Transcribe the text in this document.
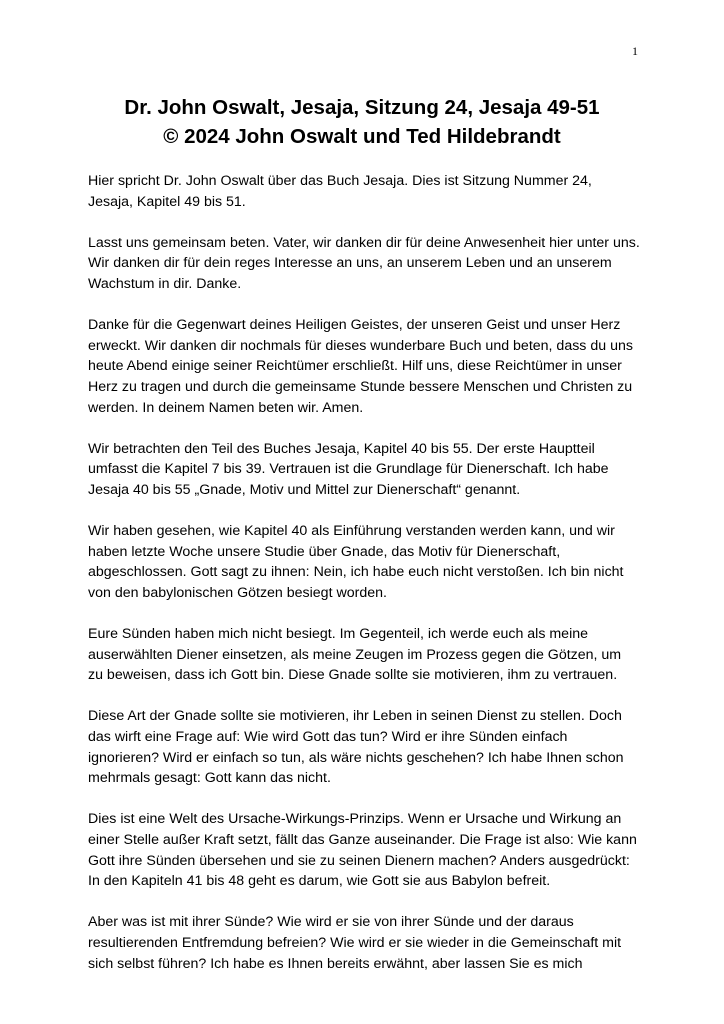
1
Dr. John Oswalt, Jesaja, Sitzung 24, Jesaja 49-51
© 2024 John Oswalt und Ted Hildebrandt

Hier spricht Dr. John Oswalt über das Buch Jesaja. Dies ist Sitzung Nummer 24, Jesaja, Kapitel 49 bis 51.

Lasst uns gemeinsam beten. Vater, wir danken dir für deine Anwesenheit hier unter uns. Wir danken dir für dein reges Interesse an uns, an unserem Leben und an unserem Wachstum in dir. Danke.

Danke für die Gegenwart deines Heiligen Geistes, der unseren Geist und unser Herz erweckt. Wir danken dir nochmals für dieses wunderbare Buch und beten, dass du uns heute Abend einige seiner Reichtümer erschließt. Hilf uns, diese Reichtümer in unser Herz zu tragen und durch die gemeinsame Stunde bessere Menschen und Christen zu werden. In deinem Namen beten wir. Amen.

Wir betrachten den Teil des Buches Jesaja, Kapitel 40 bis 55. Der erste Hauptteil umfasst die Kapitel 7 bis 39. Vertrauen ist die Grundlage für Dienerschaft. Ich habe Jesaja 40 bis 55 „Gnade, Motiv und Mittel zur Dienerschaft“ genannt.

Wir haben gesehen, wie Kapitel 40 als Einführung verstanden werden kann, und wir haben letzte Woche unsere Studie über Gnade, das Motiv für Dienerschaft, abgeschlossen. Gott sagt zu ihnen: Nein, ich habe euch nicht verstoßen. Ich bin nicht von den babylonischen Götzen besiegt worden.

Eure Sünden haben mich nicht besiegt. Im Gegenteil, ich werde euch als meine auserwählten Diener einsetzen, als meine Zeugen im Prozess gegen die Götzen, um zu beweisen, dass ich Gott bin. Diese Gnade sollte sie motivieren, ihm zu vertrauen.

Diese Art der Gnade sollte sie motivieren, ihr Leben in seinen Dienst zu stellen. Doch das wirft eine Frage auf: Wie wird Gott das tun? Wird er ihre Sünden einfach ignorieren? Wird er einfach so tun, als wäre nichts geschehen? Ich habe Ihnen schon mehrmals gesagt: Gott kann das nicht.

Dies ist eine Welt des Ursache-Wirkungs-Prinzips. Wenn er Ursache und Wirkung an einer Stelle außer Kraft setzt, fällt das Ganze auseinander. Die Frage ist also: Wie kann Gott ihre Sünden übersehen und sie zu seinen Dienern machen? Anders ausgedrückt: In den Kapiteln 41 bis 48 geht es darum, wie Gott sie aus Babylon befreit.

Aber was ist mit ihrer Sünde? Wie wird er sie von ihrer Sünde und der daraus resultierenden Entfremdung befreien? Wie wird er sie wieder in die Gemeinschaft mit sich selbst führen? Ich habe es Ihnen bereits erwähnt, aber lassen Sie es mich
